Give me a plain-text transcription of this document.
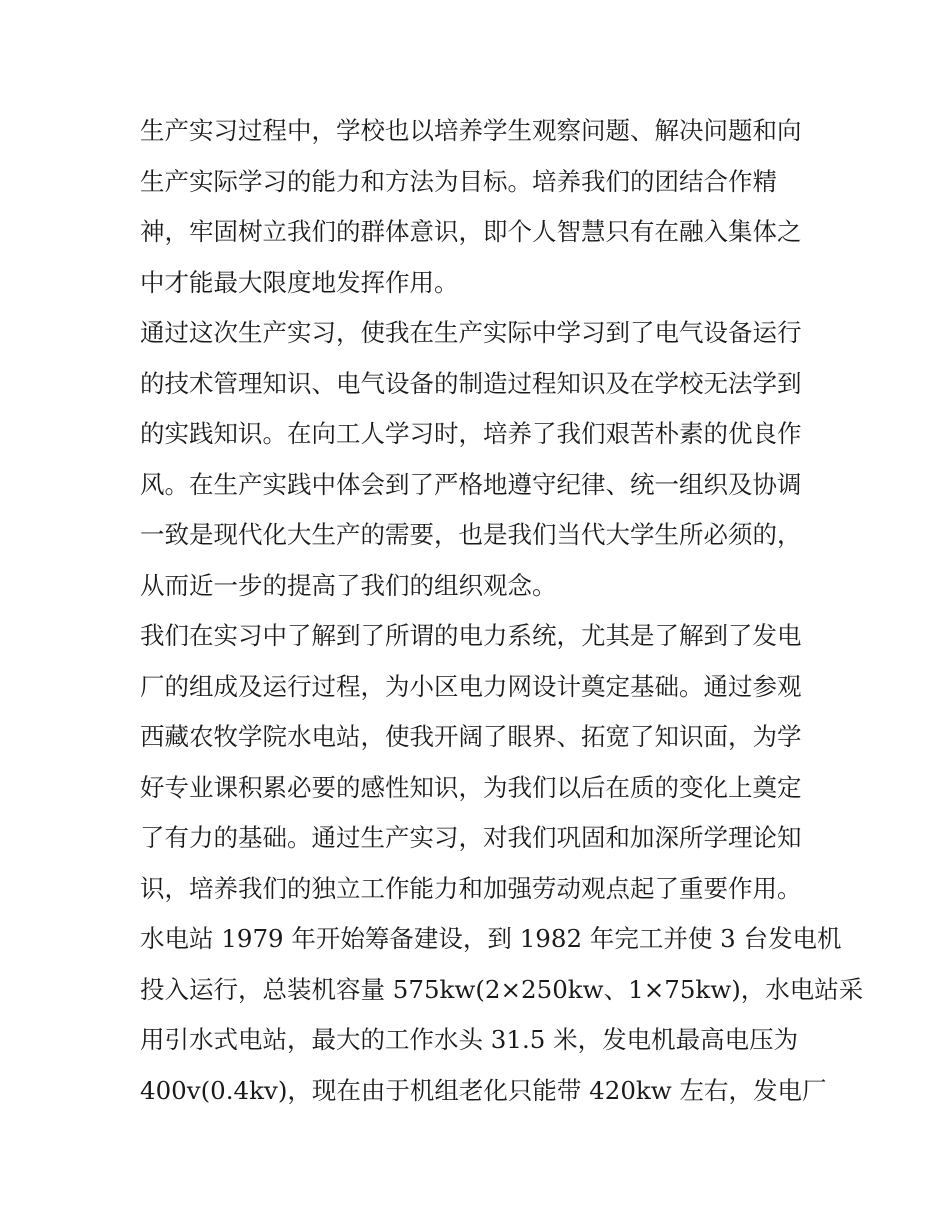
生产实习过程中，学校也以培养学生观察问题、解决问题和向
生产实际学习的能力和方法为目标。培养我们的团结合作精
神，牢固树立我们的群体意识，即个人智慧只有在融入集体之
中才能最大限度地发挥作用。
通过这次生产实习，使我在生产实际中学习到了电气设备运行
的技术管理知识、电气设备的制造过程知识及在学校无法学到
的实践知识。在向工人学习时，培养了我们艰苦朴素的优良作
风。在生产实践中体会到了严格地遵守纪律、统一组织及协调
一致是现代化大生产的需要，也是我们当代大学生所必须的，
从而近一步的提高了我们的组织观念。
我们在实习中了解到了所谓的电力系统，尤其是了解到了发电
厂的组成及运行过程，为小区电力网设计奠定基础。通过参观
西藏农牧学院水电站，使我开阔了眼界、拓宽了知识面，为学
好专业课积累必要的感性知识，为我们以后在质的变化上奠定
了有力的基础。通过生产实习，对我们巩固和加深所学理论知
识，培养我们的独立工作能力和加强劳动观点起了重要作用。
水电站 1979 年开始筹备建设，到 1982 年完工并使 3 台发电机
投入运行，总装机容量 575kw(2×250kw、1×75kw)，水电站采
用引水式电站，最大的工作水头 31.5 米，发电机最高电压为
400v(0.4kv)，现在由于机组老化只能带 420kw 左右，发电厂
